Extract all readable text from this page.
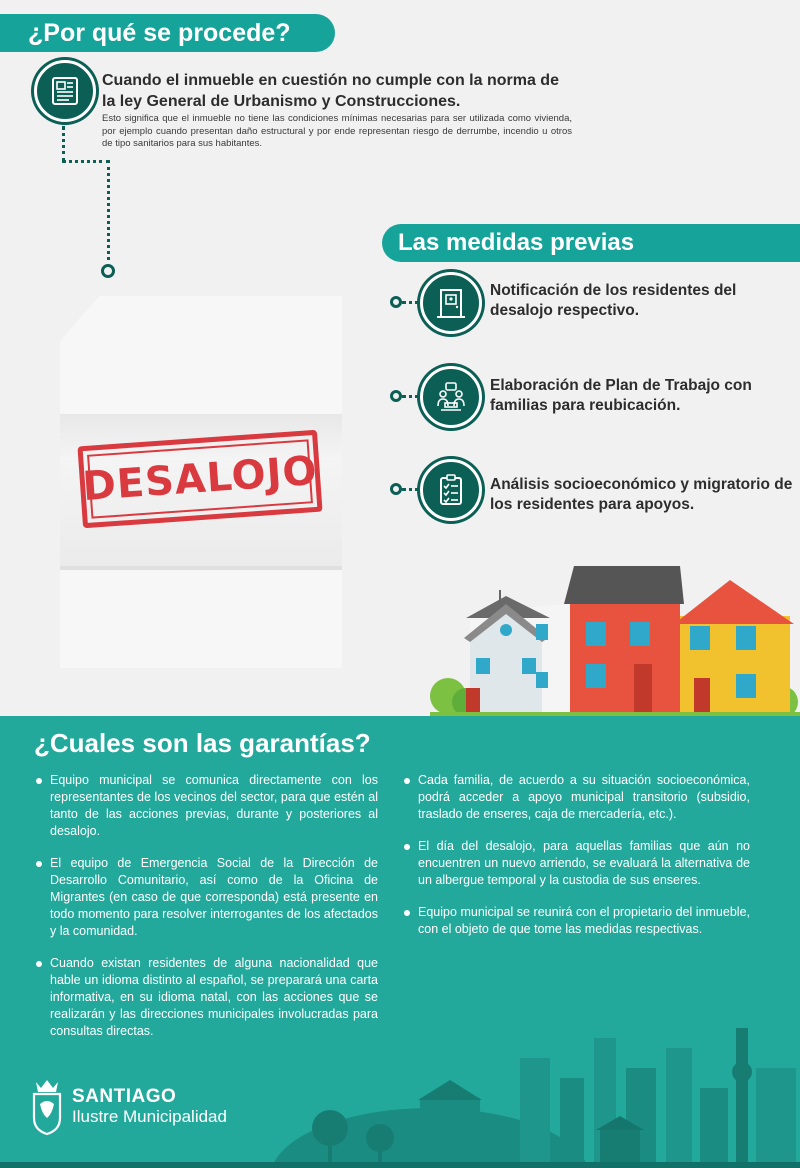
¿Por qué se procede?
Cuando el inmueble en cuestión no cumple con la norma de la ley General de Urbanismo y Construcciones.
Esto significa que el inmueble no tiene las condiciones mínimas necesarias para ser utilizada como vivienda, por ejemplo cuando presentan daño estructural y por ende representan riesgo de derrumbe, incendio u otros de tipo sanitarios para sus habitantes.
DESALOJO
Las medidas previas
Notificación de los residentes del desalojo respectivo.
Elaboración de Plan de Trabajo con familias para reubicación.
Análisis socioeconómico y migratorio de los residentes para apoyos.
¿Cuales son las garantías?
Equipo municipal se comunica directamente con los representantes de los vecinos del sector, para que estén al tanto de las acciones previas, durante y posteriores al desalojo.
El equipo de Emergencia Social de la Dirección de Desarrollo Comunitario, así como de la Oficina de Migrantes (en caso de que corresponda) está presente en todo momento para resolver interrogantes de los afectados y la comunidad.
Cuando existan residentes de alguna nacionalidad que hable un idioma distinto al español, se preparará una carta informativa, en su idioma natal, con las acciones que se realizarán y las direcciones municipales involucradas para consultas directas.
Cada familia, de acuerdo a su situación socioeconómica, podrá acceder a apoyo municipal transitorio (subsidio, traslado de enseres, caja de mercadería, etc.).
El día del desalojo, para aquellas familias que aún no encuentren un nuevo arriendo, se evaluará la alternativa de un albergue temporal y la custodia de sus enseres.
Equipo municipal se reunirá con el propietario del inmueble, con el objeto de que tome las medidas respectivas.
SANTIAGO
Ilustre Municipalidad
